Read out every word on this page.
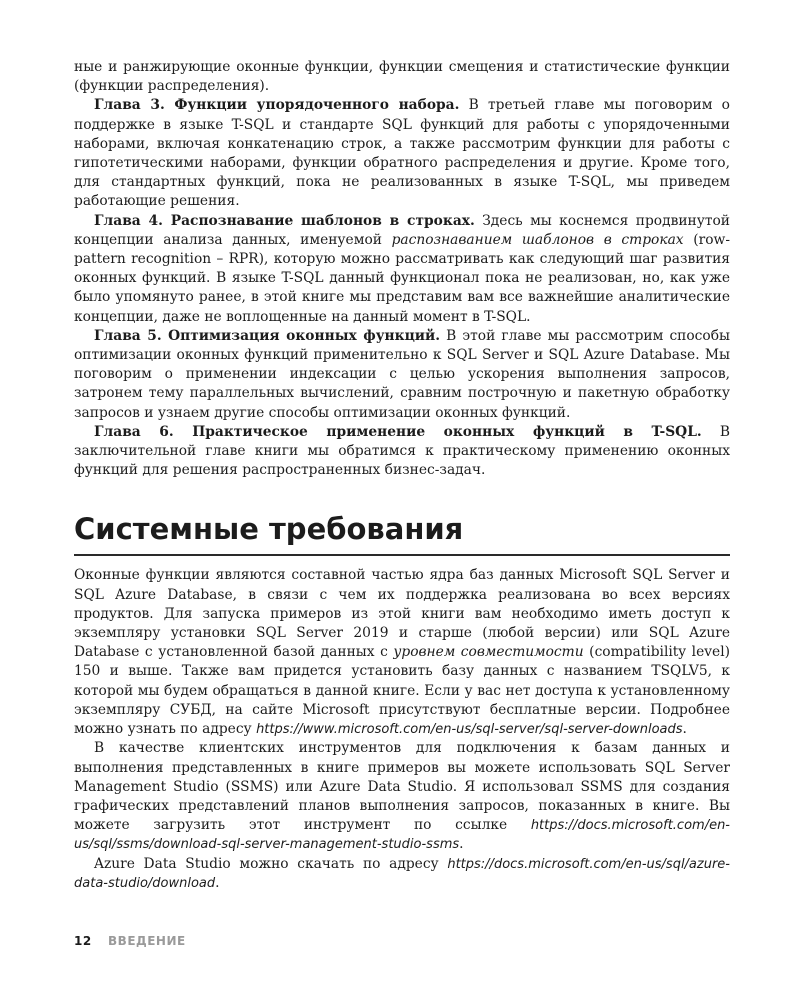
ные и ранжирующие оконные функции, функции смещения и статистические функции (функции распределения).

Глава 3. Функции упорядоченного набора. В третьей главе мы поговорим о поддержке в языке T-SQL и стандарте SQL функций для работы с упорядоченными наборами, включая конкатенацию строк, а также рассмотрим функции для работы с гипотетическими наборами, функции обратного распределения и другие. Кроме того, для стандартных функций, пока не реализованных в языке T-SQL, мы приведем работающие решения.

Глава 4. Распознавание шаблонов в строках. Здесь мы коснемся продвинутой концепции анализа данных, именуемой распознаванием шаблонов в строках (row-pattern recognition – RPR), которую можно рассматривать как следующий шаг развития оконных функций. В языке T-SQL данный функционал пока не реализован, но, как уже было упомянуто ранее, в этой книге мы представим вам все важнейшие аналитические концепции, даже не воплощенные на данный момент в T-SQL.

Глава 5. Оптимизация оконных функций. В этой главе мы рассмотрим способы оптимизации оконных функций применительно к SQL Server и SQL Azure Database. Мы поговорим о применении индексации с целью ускорения выполнения запросов, затронем тему параллельных вычислений, сравним построчную и пакетную обработку запросов и узнаем другие способы оптимизации оконных функций.

Глава 6. Практическое применение оконных функций в T-SQL. В заключительной главе книги мы обратимся к практическому применению оконных функций для решения распространенных бизнес-задач.

Системные требования

Оконные функции являются составной частью ядра баз данных Microsoft SQL Server и SQL Azure Database, в связи с чем их поддержка реализована во всех версиях продуктов. Для запуска примеров из этой книги вам необходимо иметь доступ к экземпляру установки SQL Server 2019 и старше (любой версии) или SQL Azure Database с установленной базой данных с уровнем совместимости (compatibility level) 150 и выше. Также вам придется установить базу данных с названием TSQLV5, к которой мы будем обращаться в данной книге. Если у вас нет доступа к установленному экземпляру СУБД, на сайте Microsoft присутствуют бесплатные версии. Подробнее можно узнать по адресу https://www.microsoft.com/en-us/sql-server/sql-server-downloads.

В качестве клиентских инструментов для подключения к базам данных и выполнения представленных в книге примеров вы можете использовать SQL Server Management Studio (SSMS) или Azure Data Studio. Я использовал SSMS для создания графических представлений планов выполнения запросов, показанных в книге. Вы можете загрузить этот инструмент по ссылке https://docs.microsoft.com/en-us/sql/ssms/download-sql-server-management-studio-ssms.

Azure Data Studio можно скачать по адресу https://docs.microsoft.com/en-us/sql/azure-data-studio/download.

12 ВВЕДЕНИЕ
